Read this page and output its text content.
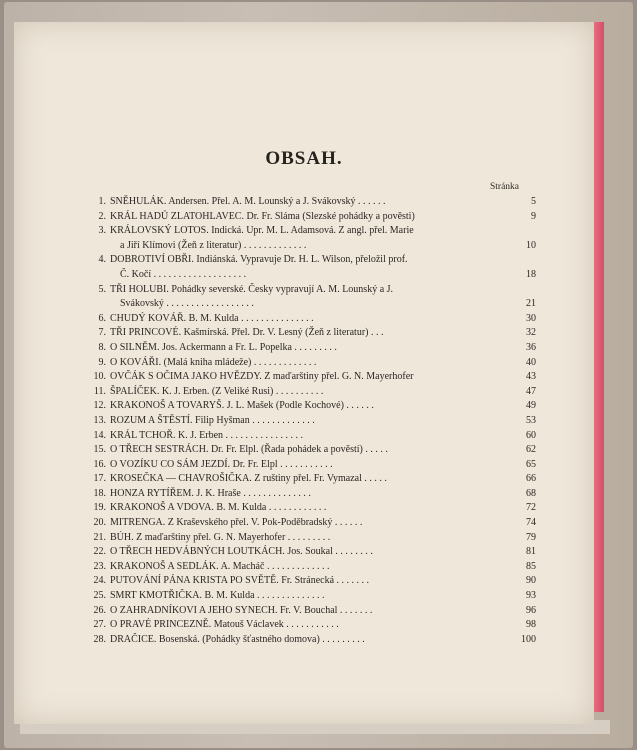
OBSAH.
Stránka
1. SNĚHULÁK. Andersen. Přel. A. M. Lounský a J. Svákovský . . . . . .	5
2. KRÁL HADŮ ZLATOHLAVEC. Dr. Fr. Sláma (Slezské pohádky a pověsti)	9
3. KRÁLOVSKÝ LOTOS. Indická. Upr. M. L. Adamsová. Z angl. přel. Marie
a Jiří Klímovi (Žeň z literatur) . . . . . . . . . . . . .	10
4. DOBROTIVÍ OBŘI. Indiánská. Vypravuje Dr. H. L. Wilson, přeložil prof.
Č. Kočí . . . . . . . . . . . . . . . . . . .	18
5. TŘI HOLUBI. Pohádky severské. Česky vypravují A. M. Lounský a J.
Svákovský . . . . . . . . . . . . . . . . . .	21
6. CHUDÝ KOVÁŘ. B. M. Kulda . . . . . . . . . . . . . . .	30
7. TŘI PRINCOVÉ. Kašmírská. Přel. Dr. V. Lesný (Žeň z literatur) . . .	32
8. O SILNĚM. Jos. Ackermann a Fr. L. Popelka . . . . . . . . .	36
9. O KOVÁŘI. (Malá knihа mládeže) . . . . . . . . . . . . .	40
10. OVČÁK S OČIMA JAKO HVĚZDY. Z maďarštiny přel. G. N. Mayerhofer	43
11. ŠPALÍČEK. K. J. Erben. (Z Veliké Rusi) . . . . . . . . . .	47
12. KRAKONOŠ A TOVARYŠ. J. L. Mašek (Podle Kochové) . . . . . .	49
13. ROZUM A ŠTĚSTÍ. Filip Hyšman . . . . . . . . . . . . .	53
14. KRÁL TCHOŘ. K. J. Erben . . . . . . . . . . . . . . . .	60
15. O TŘECH SESTRÁCH. Dr. Fr. Elpl. (Řada pohádek a pověstí) . . . . .	62
16. O VOZÍKU CO SÁM JEZDÍ. Dr. Fr. Elpl . . . . . . . . . . .	65
17. KROSEČKA — CHAVROŠIČKA. Z ruštiny přel. Fr. Vymazal . . . . .	66
18. HONZA RYTÍŘEM. J. K. Hraše . . . . . . . . . . . . . .	68
19. KRAKONOŠ A VDOVA. B. M. Kulda . . . . . . . . . . . .	72
20. MITRENGA. Z Kraševského přel. V. Pok-Poděbradský . . . . . .	74
21. BÚH. Z maďarštiny přel. G. N. Mayerhofer . . . . . . . . .	79
22. O TŘECH HEDVÁBNÝCH LOUTKÁCH. Jos. Soukal . . . . . . . .	81
23. KRAKONOŠ A SEDLÁK. A. Macháč . . . . . . . . . . . . .	85
24. PUTOVÁNÍ PÁNA KRISTA PO SVĚTĚ. Fr. Stránecká . . . . . . .	90
25. SMRT KMOTŘIČKA. B. M. Kulda . . . . . . . . . . . . . .	93
26. O ZAHRADNÍKOVI A JEHO SYNECH. Fr. V. Bouchal . . . . . . .	96
27. O PRAVÉ PRINCEZNĚ. Matouš Václavek . . . . . . . . . . .	98
28. DRAČICE. Bosenská. (Pohádky šťastného domova) . . . . . . . . .	100
